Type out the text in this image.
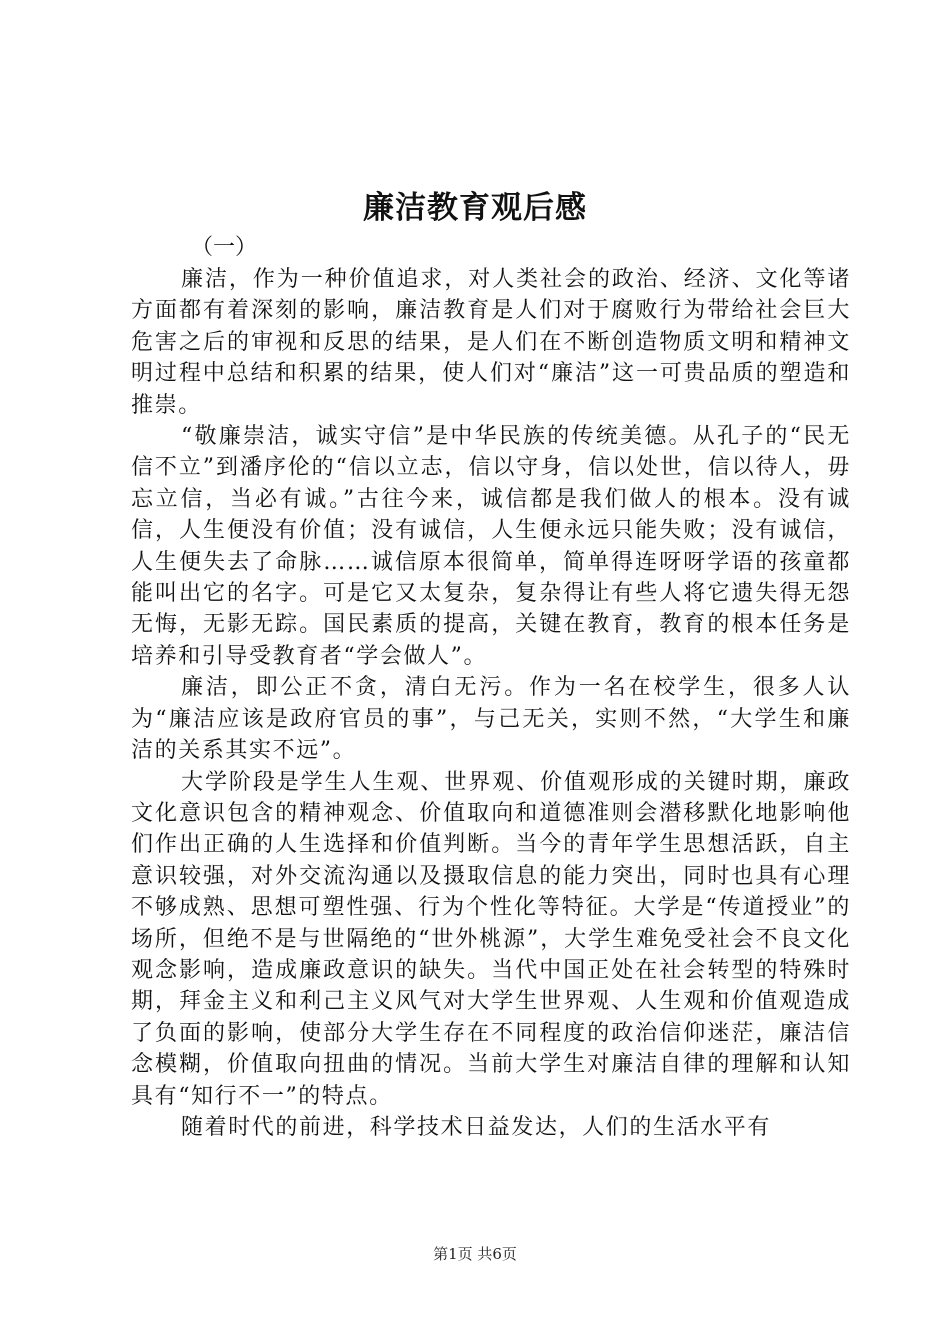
廉洁教育观后感

（一）

廉洁，作为一种价值追求，对人类社会的政治、经济、文化等诸方面都有着深刻的影响，廉洁教育是人们对于腐败行为带给社会巨大危害之后的审视和反思的结果，是人们在不断创造物质文明和精神文明过程中总结和积累的结果，使人们对“廉洁”这一可贵品质的塑造和推崇。

“敬廉崇洁，诚实守信”是中华民族的传统美德。从孔子的“民无信不立”到潘序伦的“信以立志，信以守身，信以处世，信以待人，毋忘立信，当必有诚。”古往今来，诚信都是我们做人的根本。没有诚信，人生便没有价值；没有诚信，人生便永远只能失败；没有诚信，人生便失去了命脉……诚信原本很简单，简单得连呀呀学语的孩童都能叫出它的名字。可是它又太复杂，复杂得让有些人将它遗失得无怨无悔，无影无踪。国民素质的提高，关键在教育，教育的根本任务是培养和引导受教育者“学会做人”。

廉洁，即公正不贪，清白无污。作为一名在校学生，很多人认为“廉洁应该是政府官员的事”，与己无关，实则不然，“大学生和廉洁的关系其实不远”。

大学阶段是学生人生观、世界观、价值观形成的关键时期，廉政文化意识包含的精神观念、价值取向和道德准则会潜移默化地影响他们作出正确的人生选择和价值判断。当今的青年学生思想活跃，自主意识较强，对外交流沟通以及摄取信息的能力突出，同时也具有心理不够成熟、思想可塑性强、行为个性化等特征。大学是“传道授业”的场所，但绝不是与世隔绝的“世外桃源”，大学生难免受社会不良文化观念影响，造成廉政意识的缺失。当代中国正处在社会转型的特殊时期，拜金主义和利己主义风气对大学生世界观、人生观和价值观造成了负面的影响，使部分大学生存在不同程度的政治信仰迷茫，廉洁信念模糊，价值取向扭曲的情况。当前大学生对廉洁自律的理解和认知具有“知行不一”的特点。

随着时代的前进，科学技术日益发达，人们的生活水平有

第1页 共6页
